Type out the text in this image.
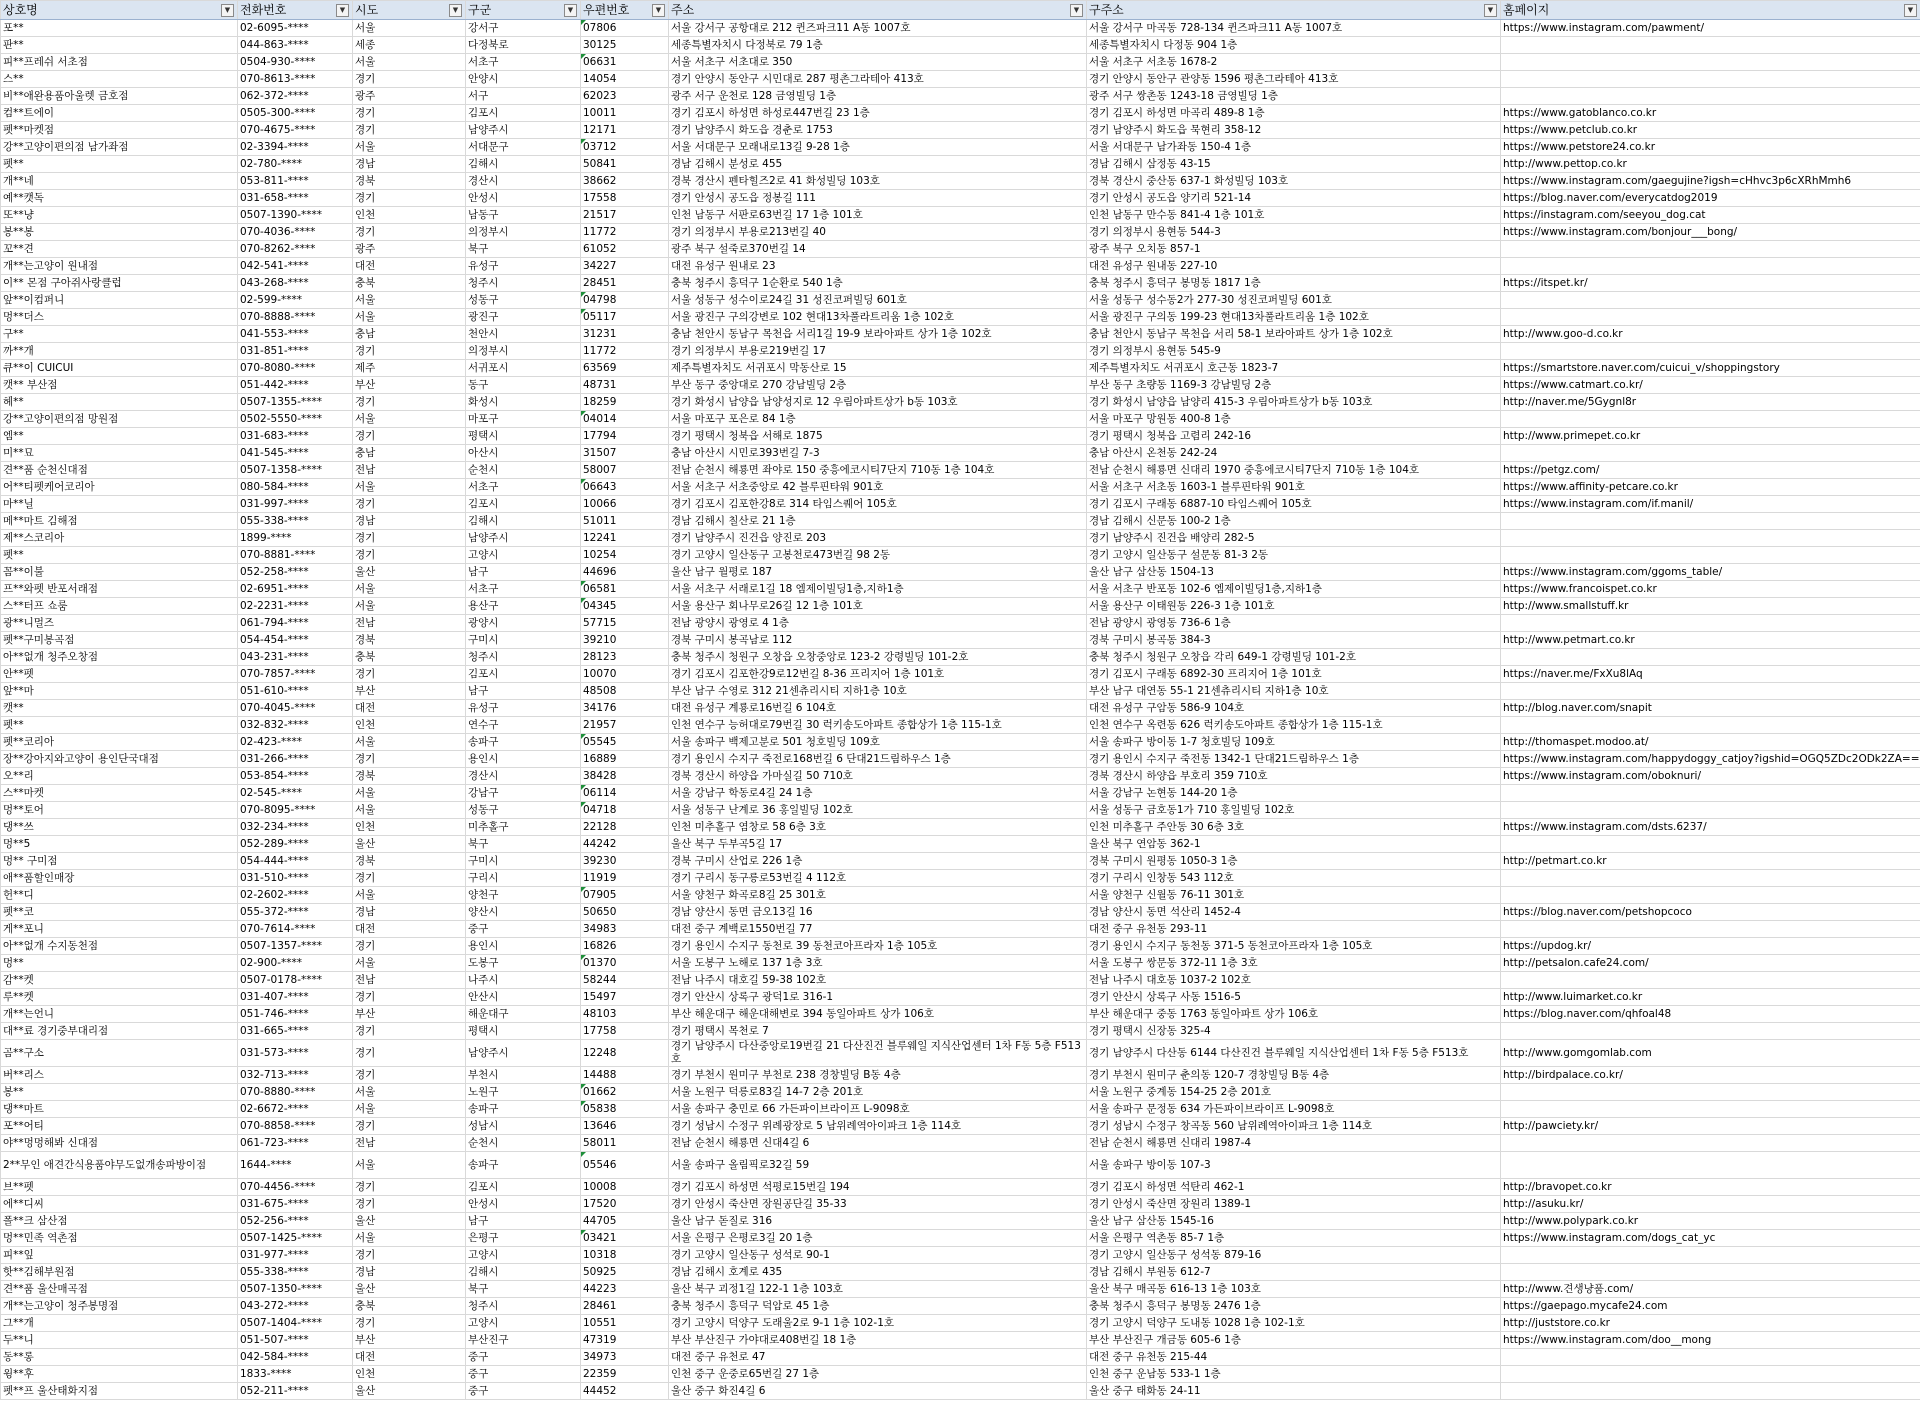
상호명 ▼	전화번호 ▼	시도 ▼	구군 ▼	우편번호 ▼	주소 ▼	구주소 ▼	홈페이지 ▼

포**	02-6095-****	서울	강서구	07806	서울 강서구 공항대로 212 퀸즈파크11 A동 1007호	서울 강서구 마곡동 728-134 퀸즈파크11 A동 1007호	https://www.instagram.com/pawment/
판**	044-863-****	세종	다정북로	30125	세종특별자치시 다정북로 79 1층	세종특별자치시 다정동 904 1층	
피**프레쉬 서초점	0504-930-****	서울	서초구	06631	서울 서초구 서초대로 350	서울 서초구 서초동 1678-2	
스**	070-8613-****	경기	안양시	14054	경기 안양시 동안구 시민대로 287 평촌그라테아 413호	경기 안양시 동안구 관양동 1596 평촌그라테아 413호	
비**애완용품아울렛 금호점	062-372-****	광주	서구	62023	광주 서구 운천로 128 금영빌딩 1층	광주 서구 쌍촌동 1243-18 금영빌딩 1층	
컴**트에이	0505-300-****	경기	김포시	10011	경기 김포시 하성면 하성로447번길 23 1층	경기 김포시 하성면 마곡리 489-8 1층	https://www.gatoblanco.co.kr
펫**마켓점	070-4675-****	경기	남양주시	12171	경기 남양주시 화도읍 경춘로 1753	경기 남양주시 화도읍 묵현리 358-12	https://www.petclub.co.kr
강**고양이편의점 남가좌점	02-3394-****	서울	서대문구	03712	서울 서대문구 모래내로13길 9-28 1층	서울 서대문구 남가좌동 150-4 1층	https://www.petstore24.co.kr
펫**	02-780-****	경남	김해시	50841	경남 김해시 분성로 455	경남 김해시 삼정동 43-15	http://www.pettop.co.kr
개**네	053-811-****	경북	경산시	38662	경북 경산시 펜타힐즈2로 41 화성빌딩 103호	경북 경산시 중산동 637-1 화성빌딩 103호	https://www.instagram.com/gaegujine?igsh=cHhvc3p6cXRhMmh6
예**캣독	031-658-****	경기	안성시	17558	경기 안성시 공도읍 정봉길 111	경기 안성시 공도읍 양기리 521-14	https://blog.naver.com/everycatdog2019
또**냥	0507-1390-****	인천	남동구	21517	인천 남동구 서판로63번길 17 1층 101호	인천 남동구 만수동 841-4 1층 101호	https://instagram.com/seeyou_dog.cat
봉**봉	070-4036-****	경기	의정부시	11772	경기 의정부시 부용로213번길 40	경기 의정부시 용현동 544-3	https://www.instagram.com/bonjour___bong/
꼬**견	070-8262-****	광주	북구	61052	광주 북구 설죽로370번길 14	광주 북구 오치동 857-1	
개**는고양이 원내점	042-541-****	대전	유성구	34227	대전 유성구 원내로 23	대전 유성구 원내동 227-10	
이** 몬점 구아쥐사랑클럽	043-268-****	충북	청주시	28451	충북 청주시 흥덕구 1순환로 540 1층	충북 청주시 흥덕구 봉명동 1817 1층	https://itspet.kr/
앞**이컴퍼니	02-599-****	서울	성동구	04798	서울 성동구 성수이로24길 31 성진코퍼빌딩 601호	서울 성동구 성수동2가 277-30 성진코퍼빌딩 601호	
멍**더스	070-8888-****	서울	광진구	05117	서울 광진구 구의강변로 102 현대13차풀라트리움 1층 102호	서울 광진구 구의동 199-23 현대13차풀라트리움 1층 102호	
구**	041-553-****	충남	천안시	31231	충남 천안시 동남구 목천읍 서리1길 19-9 보라아파트 상가 1층 102호	충남 천안시 동남구 목천읍 서리 58-1 보라아파트 상가 1층 102호	http://www.goo-d.co.kr
까**개	031-851-****	경기	의정부시	11772	경기 의정부시 부용로219번길 17	경기 의정부시 용현동 545-9	
큐**이 CUICUI	070-8080-****	제주	서귀포시	63569	제주특별자치도 서귀포시 막동산로 15	제주특별자치도 서귀포시 호근동 1823-7	https://smartstore.naver.com/cuicui_v/shoppingstory
캣** 부산점	051-442-****	부산	동구	48731	부산 동구 중앙대로 270 강남빌딩 2층	부산 동구 초량동 1169-3 강남빌딩 2층	https://www.catmart.co.kr/
헤**	0507-1355-****	경기	화성시	18259	경기 화성시 남양읍 남양성지로 12 우림아파트상가 b동 103호	경기 화성시 남양읍 남양리 415-3 우림아파트상가 b동 103호	http://naver.me/5Gygnl8r
강**고양이편의점 망원점	0502-5550-****	서울	마포구	04014	서울 마포구 포은로 84 1층	서울 마포구 망원동 400-8 1층	
엠**	031-683-****	경기	평택시	17794	경기 평택시 청북읍 서해로 1875	경기 평택시 청북읍 고렴리 242-16	http://www.primepet.co.kr
미**묘	041-545-****	충남	아산시	31507	충남 아산시 시민로393번길 7-3	충남 아산시 온천동 242-24	
견**품 순천신대점	0507-1358-****	전남	순천시	58007	전남 순천시 해룡면 좌야로 150 중흥에코시티7단지 710동 1층 104호	전남 순천시 해룡면 신대리 1970 중흥에코시티7단지 710동 1층 104호	https://petgz.com/
어**티펫케어코리아	080-584-****	서울	서초구	06643	서울 서초구 서초중앙로 42 블루핀타워 901호	서울 서초구 서초동 1603-1 블루핀타워 901호	https://www.affinity-petcare.co.kr
마**닐	031-997-****	경기	김포시	10066	경기 김포시 김포한강8로 314 타임스퀘어 105호	경기 김포시 구래동 6887-10 타임스퀘어 105호	https://www.instagram.com/if.manil/
메**마트 김해점	055-338-****	경남	김해시	51011	경남 김해시 칠산로 21 1층	경남 김해시 신문동 100-2 1층	
제**스코리아	1899-****	경기	남양주시	12241	경기 남양주시 진건읍 양진로 203	경기 남양주시 진건읍 배양리 282-5	
펫**	070-8881-****	경기	고양시	10254	경기 고양시 일산동구 고봉천로473번길 98 2동	경기 고양시 일산동구 설문동 81-3 2동	
꼼**이불	052-258-****	울산	남구	44696	울산 남구 월평로 187	울산 남구 삼산동 1504-13	https://www.instagram.com/ggoms_table/
프**와펫 반포서래점	02-6951-****	서울	서초구	06581	서울 서초구 서래로1길 18 엠제이빌딩1층,지하1층	서울 서초구 반포동 102-6 엠제이빌딩1층,지하1층	https://www.francoispet.co.kr
스**터프 쇼룸	02-2231-****	서울	용산구	04345	서울 용산구 회나무로26길 12 1층 101호	서울 용산구 이태원동 226-3 1층 101호	http://www.smallstuff.kr
광**니멀즈	061-794-****	전남	광양시	57715	전남 광양시 광영로 4 1층	전남 광양시 광영동 736-6 1층	
펫**구미봉곡점	054-454-****	경북	구미시	39210	경북 구미시 봉곡남로 112	경북 구미시 봉곡동 384-3	http://www.petmart.co.kr
아**없개 청주오창점	043-231-****	충북	청주시	28123	충북 청주시 청원구 오창읍 오창중앙로 123-2 강령빌딩 101-2호	충북 청주시 청원구 오창읍 각리 649-1 강령빌딩 101-2호	
안**펫	070-7857-****	경기	김포시	10070	경기 김포시 김포한강9로12번길 8-36 프리지어 1층 101호	경기 김포시 구래동 6892-30 프리지어 1층 101호	https://naver.me/FxXu8lAq
앞**마	051-610-****	부산	남구	48508	부산 남구 수영로 312 21센츄리시티 지하1층 10호	부산 남구 대연동 55-1 21센츄리시티 지하1층 10호	
캣**	070-4045-****	대전	유성구	34176	대전 유성구 계룡로16번길 6 104호	대전 유성구 구암동 586-9 104호	http://blog.naver.com/snapit
펫**	032-832-****	인천	연수구	21957	인천 연수구 능허대로79번길 30 럭키송도아파트 종합상가 1층 115-1호	인천 연수구 옥련동 626 럭키송도아파트 종합상가 1층 115-1호	
펫**코리아	02-423-****	서울	송파구	05545	서울 송파구 백제고분로 501 청호빌딩 109호	서울 송파구 방이동 1-7 청호빌딩 109호	http://thomaspet.modoo.at/
장**강아지와고양이 용인단국대점	031-266-****	경기	용인시	16889	경기 용인시 수지구 죽전로168번길 6 단대21드림하우스 1층	경기 용인시 수지구 죽전동 1342-1 단대21드림하우스 1층	https://www.instagram.com/happydoggy_catjoy?igshid=OGQ5ZDc2ODk2ZA==
오**리	053-854-****	경북	경산시	38428	경북 경산시 하양읍 가마실길 50 710호	경북 경산시 하양읍 부호리 359 710호	https://www.instagram.com/oboknuri/
스**마켓	02-545-****	서울	강남구	06114	서울 강남구 학동로4길 24 1층	서울 강남구 논현동 144-20 1층	
멍**토어	070-8095-****	서울	성동구	04718	서울 성동구 난계로 36 홍일빌딩 102호	서울 성동구 금호동1가 710 홍일빌딩 102호	
댕**쓰	032-234-****	인천	미추홀구	22128	인천 미추홀구 염창로 58 6층 3호	인천 미추홀구 주안동 30 6층 3호	https://www.instagram.com/dsts.6237/
멍**5	052-289-****	울산	북구	44242	울산 북구 두부곡5길 17	울산 북구 연암동 362-1	
멍** 구미점	054-444-****	경북	구미시	39230	경북 구미시 산업로 226 1층	경북 구미시 원평동 1050-3 1층	http://petmart.co.kr
애**품할인매장	031-510-****	경기	구리시	11919	경기 구리시 동구릉로53번길 4 112호	경기 구리시 인창동 543 112호	
헌**디	02-2602-****	서울	양천구	07905	서울 양천구 화곡로8길 25 301호	서울 양천구 신월동 76-11 301호	
펫**코	055-372-****	경남	양산시	50650	경남 양산시 동면 금오13길 16	경남 양산시 동면 석산리 1452-4	https://blog.naver.com/petshopcoco
게**포니	070-7614-****	대전	중구	34983	대전 중구 계백로1550번길 77	대전 중구 유천동 293-11	
아**없개 수지동천점	0507-1357-****	경기	용인시	16826	경기 용인시 수지구 동천로 39 동천코아프라자 1층 105호	경기 용인시 수지구 동천동 371-5 동천코아프라자 1층 105호	https://updog.kr/
멍**	02-900-****	서울	도봉구	01370	서울 도봉구 노해로 137 1층 3호	서울 도봉구 쌍문동 372-11 1층 3호	http://petsalon.cafe24.com/
감**켓	0507-0178-****	전남	나주시	58244	전남 나주시 대호길 59-38 102호	전남 나주시 대호동 1037-2 102호	
루**켓	031-407-****	경기	안산시	15497	경기 안산시 상록구 광덕1로 316-1	경기 안산시 상록구 사동 1516-5	http://www.luimarket.co.kr
개**는언니	051-746-****	부산	해운대구	48103	부산 해운대구 해운대해변로 394 동일아파트 상가 106호	부산 해운대구 중동 1763 동일아파트 상가 106호	https://blog.naver.com/qhfoal48
대**료 경기중부대리점	031-665-****	경기	평택시	17758	경기 평택시 목천로 7	경기 평택시 신장동 325-4	
곰**구소	031-573-****	경기	남양주시	12248	경기 남양주시 다산중앙로19번길 21 다산진건 블루웨일 지식산업센터 1차 F동 5층 F513호	경기 남양주시 다산동 6144 다산진건 블루웨일 지식산업센터 1차 F동 5층 F513호	http://www.gomgomlab.com
버**리스	032-713-****	경기	부천시	14488	경기 부천시 원미구 부천로 238 경창빌딩 B동 4층	경기 부천시 원미구 춘의동 120-7 경창빌딩 B동 4층	http://birdpalace.co.kr/
봉**	070-8880-****	서울	노원구	01662	서울 노원구 덕릉로83길 14-7 2층 201호	서울 노원구 중계동 154-25 2층 201호	
댕**마트	02-6672-****	서울	송파구	05838	서울 송파구 충민로 66 가든파이브라이프 L-9098호	서울 송파구 문정동 634 가든파이브라이프 L-9098호	
포**어티	070-8858-****	경기	성남시	13646	경기 성남시 수정구 위례광장로 5 남위례역아이파크 1층 114호	경기 성남시 수정구 창곡동 560 남위례역아이파크 1층 114호	http://pawciety.kr/
야**멍멍해봐 신대점	061-723-****	전남	순천시	58011	전남 순천시 해룡면 신대4길 6	전남 순천시 해룡면 신대리 1987-4	
2**무인 애견간식용품야무도없개송파방이점	1644-****	서울	송파구	05546	서울 송파구 올림픽로32길 59	서울 송파구 방이동 107-3	
브**펫	070-4456-****	경기	김포시	10008	경기 김포시 하성면 석평로15번길 194	경기 김포시 하성면 석탄리 462-1	http://bravopet.co.kr
에**디씨	031-675-****	경기	안성시	17520	경기 안성시 죽산면 장원공단길 35-33	경기 안성시 죽산면 장원리 1389-1	http://asuku.kr/
폴**크 삼산점	052-256-****	울산	남구	44705	울산 남구 돋질로 316	울산 남구 삼산동 1545-16	http://www.polypark.co.kr
멍**민족 역촌점	0507-1425-****	서울	은평구	03421	서울 은평구 은평로3길 20 1층	서울 은평구 역촌동 85-7 1층	https://www.instagram.com/dogs_cat_yc
피**잎	031-977-****	경기	고양시	10318	경기 고양시 일산동구 성석로 90-1	경기 고양시 일산동구 성석동 879-16	
핫**김해부원점	055-338-****	경남	김해시	50925	경남 김해시 호계로 435	경남 김해시 부원동 612-7	
견**품 울산매곡점	0507-1350-****	울산	북구	44223	울산 북구 괴정1길 122-1 1층 103호	울산 북구 매곡동 616-13 1층 103호	http://www.견생냥품.com/
개**는고양이 청주봉명점	043-272-****	충북	청주시	28461	충북 청주시 흥덕구 덕암로 45 1층	충북 청주시 흥덕구 봉명동 2476 1층	https://gaepago.mycafe24.com
그**개	0507-1404-****	경기	고양시	10551	경기 고양시 덕양구 도래울2로 9-1 1층 102-1호	경기 고양시 덕양구 도내동 1028 1층 102-1호	http://juststore.co.kr
두**니	051-507-****	부산	부산진구	47319	부산 부산진구 가야대로408번길 18 1층	부산 부산진구 개금동 605-6 1층	https://www.instagram.com/doo__mong
동**롱	042-584-****	대전	중구	34973	대전 중구 유천로 47	대전 중구 유천동 215-44	
윙**후	1833-****	인천	중구	22359	인천 중구 운중로65번길 27 1층	인천 중구 운남동 533-1 1층	
펫**프 울산태화지점	052-211-****	울산	중구	44452	울산 중구 화진4길 6	울산 중구 태화동 24-11	
